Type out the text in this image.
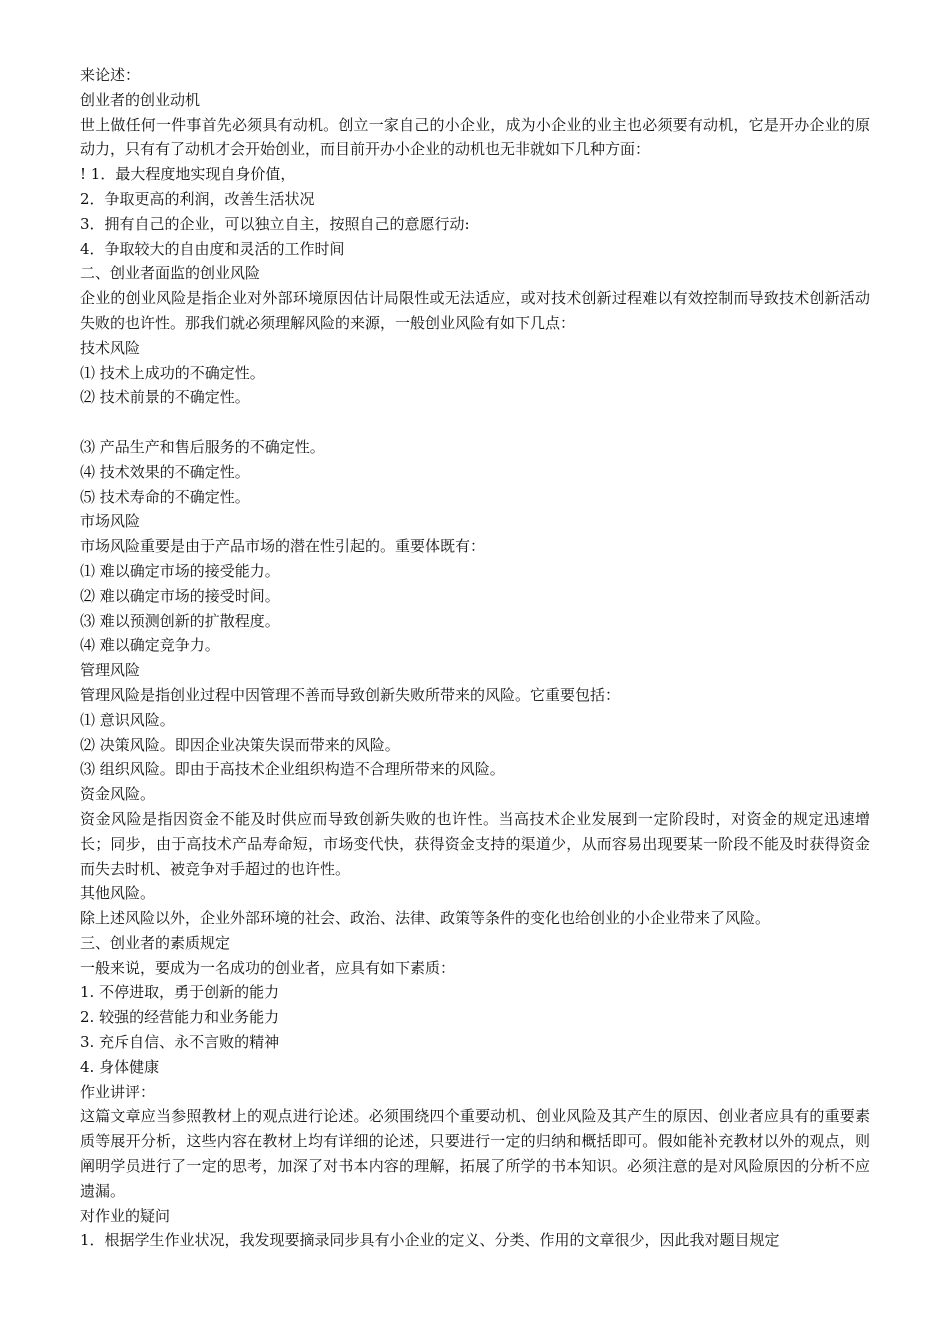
来论述：
创业者的创业动机
世上做任何一件事首先必须具有动机。创立一家自己的小企业，成为小企业的业主也必须要有动机，它是开办企业的原动力，只有有了动机才会开始创业，而目前开办小企业的动机也无非就如下几种方面：
! 1．最大程度地实现自身价值，
2．争取更高的利润，改善生活状况
3．拥有自己的企业，可以独立自主，按照自己的意愿行动:
4．争取较大的自由度和灵活的工作时间
二、创业者面监的创业风险
企业的创业风险是指企业对外部环境原因估计局限性或无法适应，或对技术创新过程难以有效控制而导致技术创新活动失败的也许性。那我们就必须理解风险的来源，一般创业风险有如下几点：
技术风险
⑴ 技术上成功的不确定性。
⑵ 技术前景的不确定性。
⑶ 产品生产和售后服务的不确定性。
⑷ 技术效果的不确定性。
⑸ 技术寿命的不确定性。
市场风险
市场风险重要是由于产品市场的潜在性引起的。重要体既有：
⑴ 难以确定市场的接受能力。
⑵ 难以确定市场的接受时间。
⑶ 难以预测创新的扩散程度。
⑷ 难以确定竞争力。
管理风险
管理风险是指创业过程中因管理不善而导致创新失败所带来的风险。它重要包括：
⑴ 意识风险。
⑵ 决策风险。即因企业决策失误而带来的风险。
⑶ 组织风险。即由于高技术企业组织构造不合理所带来的风险。
资金风险。
资金风险是指因资金不能及时供应而导致创新失败的也许性。当高技术企业发展到一定阶段时，对资金的规定迅速增长；同步，由于高技术产品寿命短，市场变代快，获得资金支持的渠道少，从而容易出现要某一阶段不能及时获得资金而失去时机、被竞争对手超过的也许性。
其他风险。
除上述风险以外，企业外部环境的社会、政治、法律、政策等条件的变化也给创业的小企业带来了风险。
三、创业者的素质规定
一般来说，要成为一名成功的创业者，应具有如下素质：
1. 不停进取，勇于创新的能力
2. 较强的经营能力和业务能力
3. 充斥自信、永不言败的精神
4. 身体健康
作业讲评：
这篇文章应当参照教材上的观点进行论述。必须围绕四个重要动机、创业风险及其产生的原因、创业者应具有的重要素质等展开分析，这些内容在教材上均有详细的论述，只要进行一定的归纳和概括即可。假如能补充教材以外的观点，则阐明学员进行了一定的思考，加深了对书本内容的理解，拓展了所学的书本知识。必须注意的是对风险原因的分析不应遗漏。
对作业的疑问
1．根据学生作业状况，我发现要摘录同步具有小企业的定义、分类、作用的文章很少，因此我对题目规定
